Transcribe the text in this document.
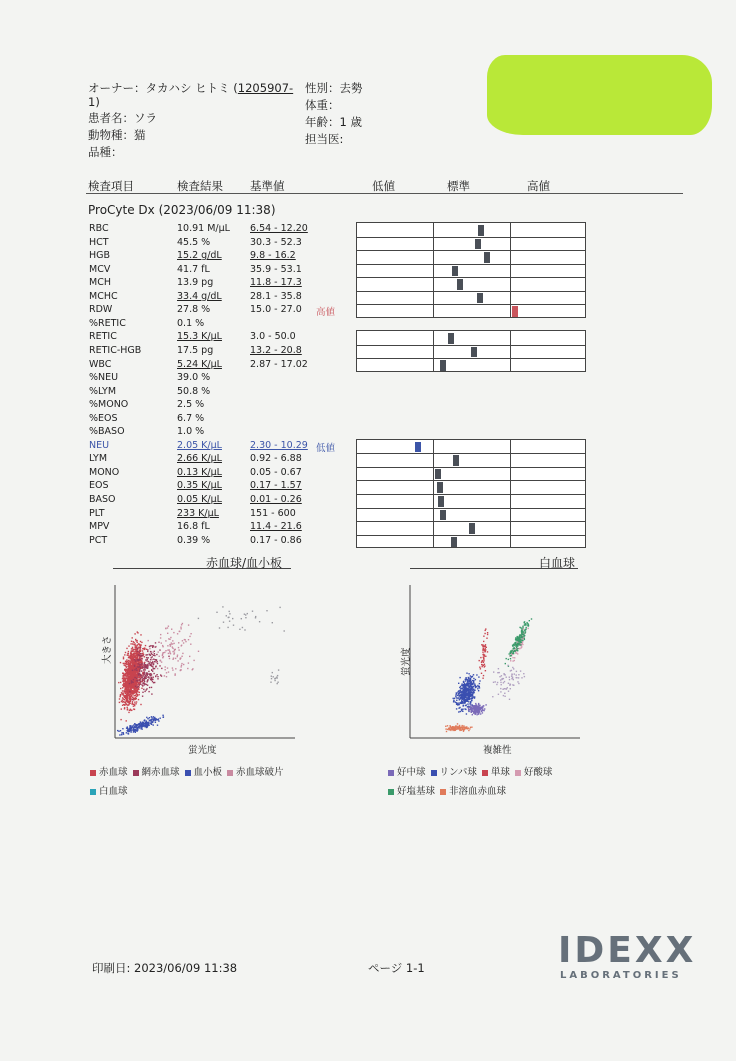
オーナー：タカハシ ヒトミ (1205907-
1)
患者名：ソラ
動物種：猫
品種：
性別：去勢
体重：
年齢：1 歳
担当医:
検査項目	検査結果 基準値	低値	標準	高値
ProCyte Dx (2023/06/09 11:38)
RBC	10.91 M/μL 6.54 - 12.20
HCT	45.5 %	30.3 - 52.3
HGB	15.2 g/dL	9.8 - 16.2
MCV	41.7 fL	35.9 - 53.1
MCH	13.9 pg	11.8 - 17.3
MCHC	33.4 g/dL	28.1 - 35.8
RDW	27.8 %	15.0 - 27.0 高値
%RETIC	0.1 %
RETIC	15.3 K/μL	3.0 - 50.0
RETIC-HGB	17.5 pg	13.2 - 20.8
WBC	5.24 K/μL	2.87 - 17.02
%NEU	39.0 %
%LYM	50.8 %
%MONO	2.5 %
%EOS	6.7 %
%BASO	1.0 %
NEU	2.05 K/μL	2.30 - 10.29 低値
LYM	2.66 K/μL	0.92 - 6.88
MONO	0.13 K/μL	0.05 - 0.67
EOS	0.35 K/μL	0.17 - 1.57
BASO	0.05 K/μL	0.01 - 0.26
PLT	233 K/μL	151 - 600
MPV	16.8 fL	11.4 - 21.6
PCT	0.39 %	0.17 - 0.86
赤血球/血小板
大きさ
蛍光度
白血球
蛍光度
複雑性
赤血球 網赤血球 血小板 赤血球破片
白血球
好中球 リンパ球 単球 好酸球
好塩基球 非溶血赤血球
印刷日: 2023/06/09 11:38	ページ 1-1	IDEXX
LABORATORIES
